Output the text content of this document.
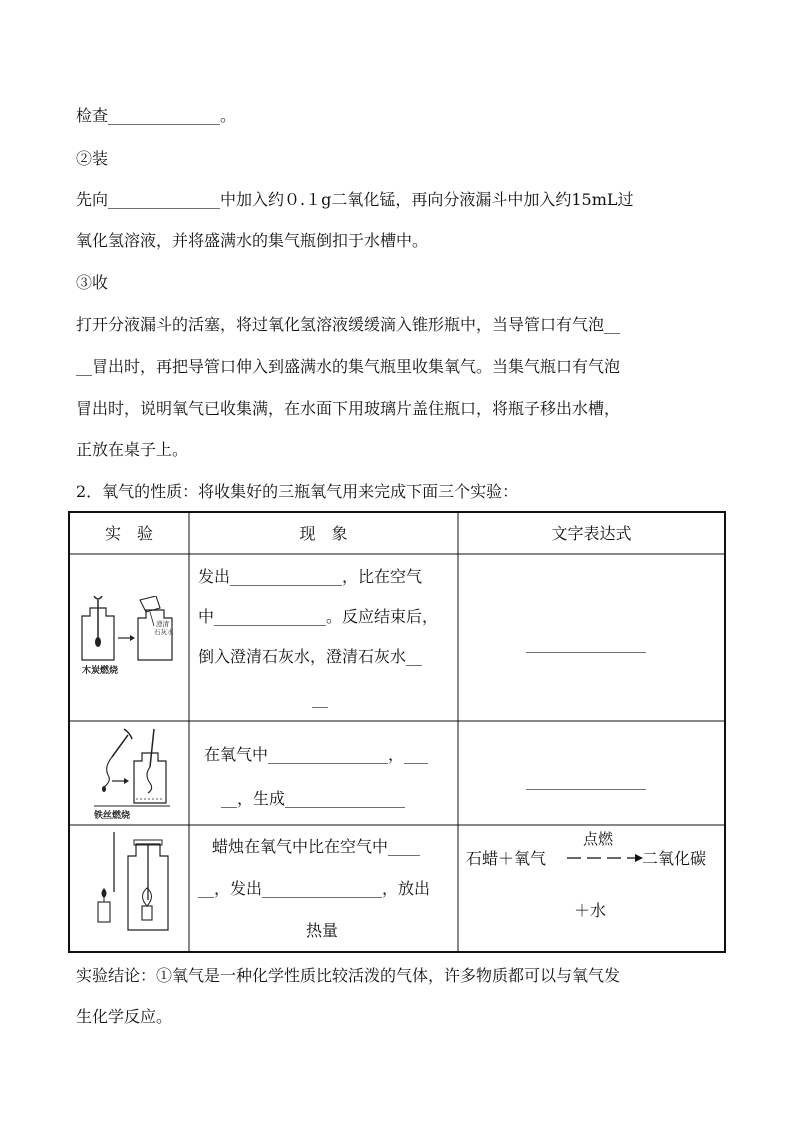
检查______________。
②装
先向______________中加入约０.１g二氧化锰，再向分液漏斗中加入约15mL过
氧化氢溶液，并将盛满水的集气瓶倒扣于水槽中。
③收
打开分液漏斗的活塞，将过氧化氢溶液缓缓滴入锥形瓶中，当导管口有气泡__
__冒出时，再把导管口伸入到盛满水的集气瓶里收集氧气。当集气瓶口有气泡
冒出时，说明氧气已收集满，在水面下用玻璃片盖住瓶口，将瓶子移出水槽，
正放在桌子上。
2．氧气的性质：将收集好的三瓶氧气用来完成下面三个实验：
实　验	现　象	文字表达式
澄清
石灰水
木炭燃烧
发出______________，比在空气
中______________。反应结束后，
倒入澄清石灰水，澄清石灰水__
__
_______________
铁丝燃烧
在氧气中_______________，___
__，生成_______________
_______________
蜡烛在氧气中比在空气中____
__，发出_______________，放出
热量
石蜡＋氧气
点燃
二氧化碳
＋水
实验结论：①氧气是一种化学性质比较活泼的气体，许多物质都可以与氧气发
生化学反应。
